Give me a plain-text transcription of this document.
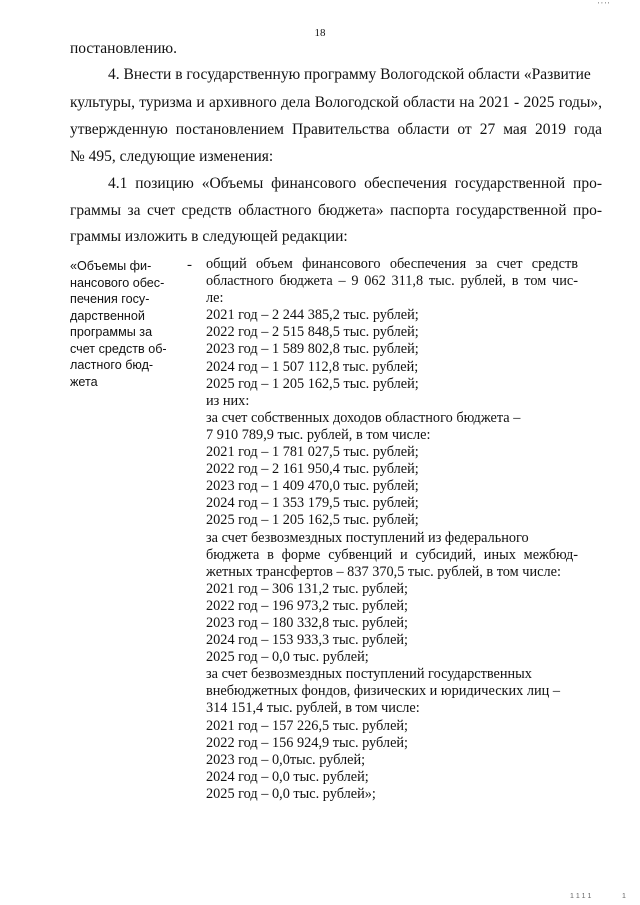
18
постановлению.
4. Внести в государственную программу Вологодской области «Развитие
культуры, туризма и архивного дела Вологодской области на 2021 - 2025 годы»,
утвержденную постановлением Правительства области от 27 мая 2019 года
№ 495, следующие изменения:
4.1 позицию «Объемы финансового обеспечения государственной про-
граммы за счет средств областного бюджета» паспорта государственной про-
граммы изложить в следующей редакции:
«Объемы фи-
нансового обес-
печения госу-
дарственной
программы за
счет средств об-
ластного бюд-
жета
- общий объем финансового обеспечения за счет средств
областного бюджета – 9 062 311,8 тыс. рублей, в том чис-
ле:
2021 год – 2 244 385,2 тыс. рублей;
2022 год – 2 515 848,5 тыс. рублей;
2023 год – 1 589 802,8 тыс. рублей;
2024 год – 1 507 112,8 тыс. рублей;
2025 год – 1 205 162,5 тыс. рублей;
из них:
за счет собственных доходов областного бюджета –
7 910 789,9 тыс. рублей, в том числе:
2021 год – 1 781 027,5 тыс. рублей;
2022 год – 2 161 950,4 тыс. рублей;
2023 год – 1 409 470,0 тыс. рублей;
2024 год – 1 353 179,5 тыс. рублей;
2025 год – 1 205 162,5 тыс. рублей;
за счет безвозмездных поступлений из федерального
бюджета в форме субвенций и субсидий, иных межбюд-
жетных трансфертов – 837 370,5 тыс. рублей, в том числе:
2021 год – 306 131,2 тыс. рублей;
2022 год – 196 973,2 тыс. рублей;
2023 год – 180 332,8 тыс. рублей;
2024 год – 153 933,3 тыс. рублей;
2025 год – 0,0 тыс. рублей;
за счет безвозмездных поступлений государственных
внебюджетных фондов, физических и юридических лиц –
314 151,4 тыс. рублей, в том числе:
2021 год – 157 226,5 тыс. рублей;
2022 год – 156 924,9 тыс. рублей;
2023 год – 0,0тыс. рублей;
2024 год – 0,0 тыс. рублей;
2025 год – 0,0 тыс. рублей»;
' ' ' '
1 1 1 1	1
